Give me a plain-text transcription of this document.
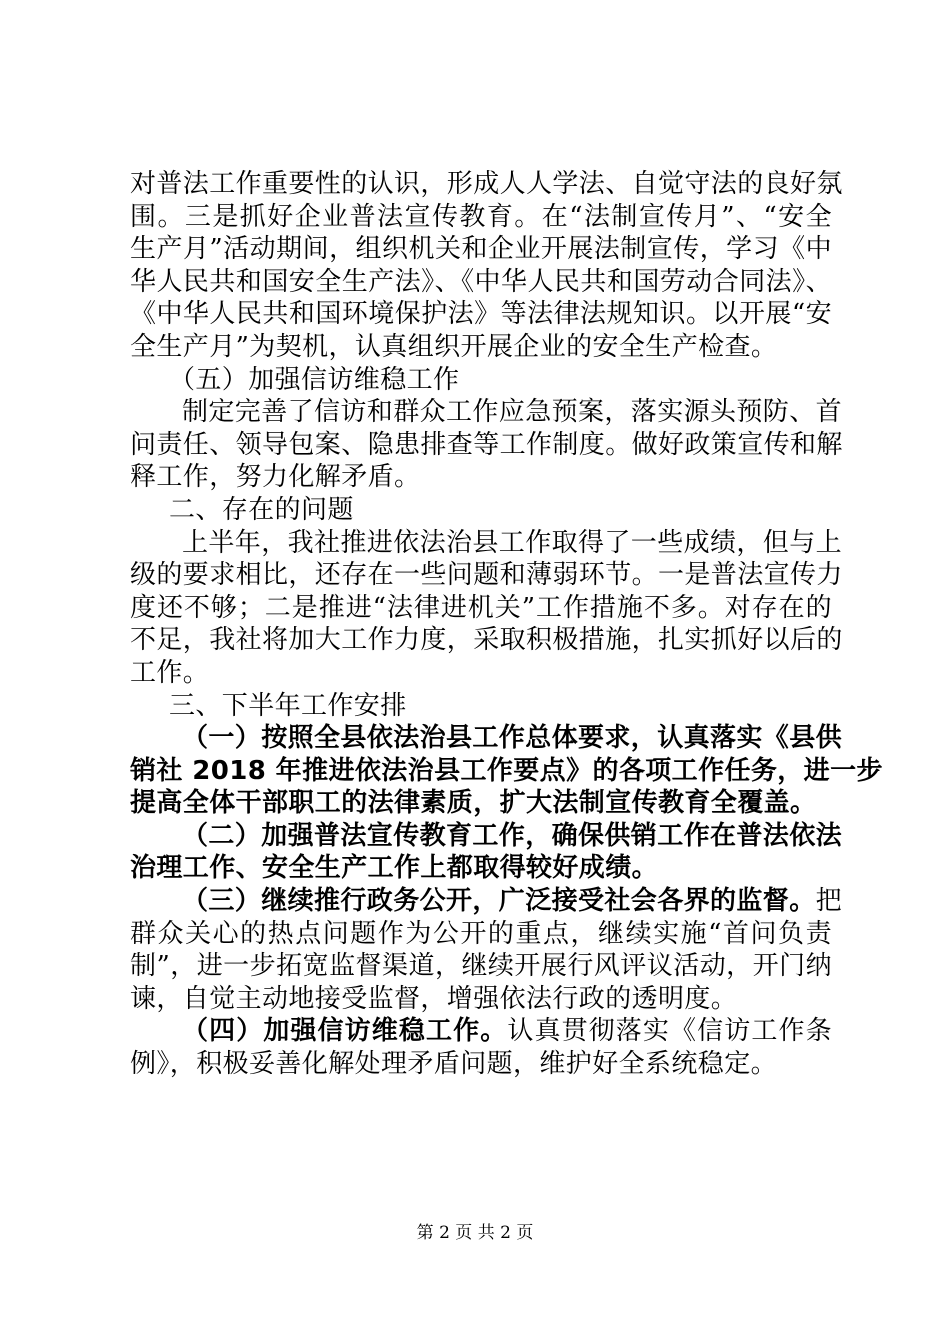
对普法工作重要性的认识，形成人人学法、自觉守法的良好氛
围。三是抓好企业普法宣传教育。在“法制宣传月”、“安全
生产月”活动期间，组织机关和企业开展法制宣传，学习《中
华人民共和国安全生产法》、《中华人民共和国劳动合同法》、
《中华人民共和国环境保护法》等法律法规知识。以开展“安
全生产月”为契机，认真组织开展企业的安全生产检查。
（五）加强信访维稳工作
制定完善了信访和群众工作应急预案，落实源头预防、首
问责任、领导包案、隐患排查等工作制度。做好政策宣传和解
释工作，努力化解矛盾。
二、存在的问题
上半年，我社推进依法治县工作取得了一些成绩，但与上
级的要求相比，还存在一些问题和薄弱环节。一是普法宣传力
度还不够；二是推进“法律进机关”工作措施不多。对存在的
不足，我社将加大工作力度，采取积极措施，扎实抓好以后的
工作。
三、下半年工作安排
（一）按照全县依法治县工作总体要求，认真落实《县供
销社 2018 年推进依法治县工作要点》的各项工作任务，进一步
提高全体干部职工的法律素质，扩大法制宣传教育全覆盖。
（二）加强普法宣传教育工作，确保供销工作在普法依法
治理工作、安全生产工作上都取得较好成绩。
（三）继续推行政务公开，广泛接受社会各界的监督。把
群众关心的热点问题作为公开的重点，继续实施“首问负责
制”，进一步拓宽监督渠道，继续开展行风评议活动，开门纳
谏，自觉主动地接受监督，增强依法行政的透明度。
（四）加强信访维稳工作。认真贯彻落实《信访工作条
例》，积极妥善化解处理矛盾问题，维护好全系统稳定。
第 2 页 共 2 页
